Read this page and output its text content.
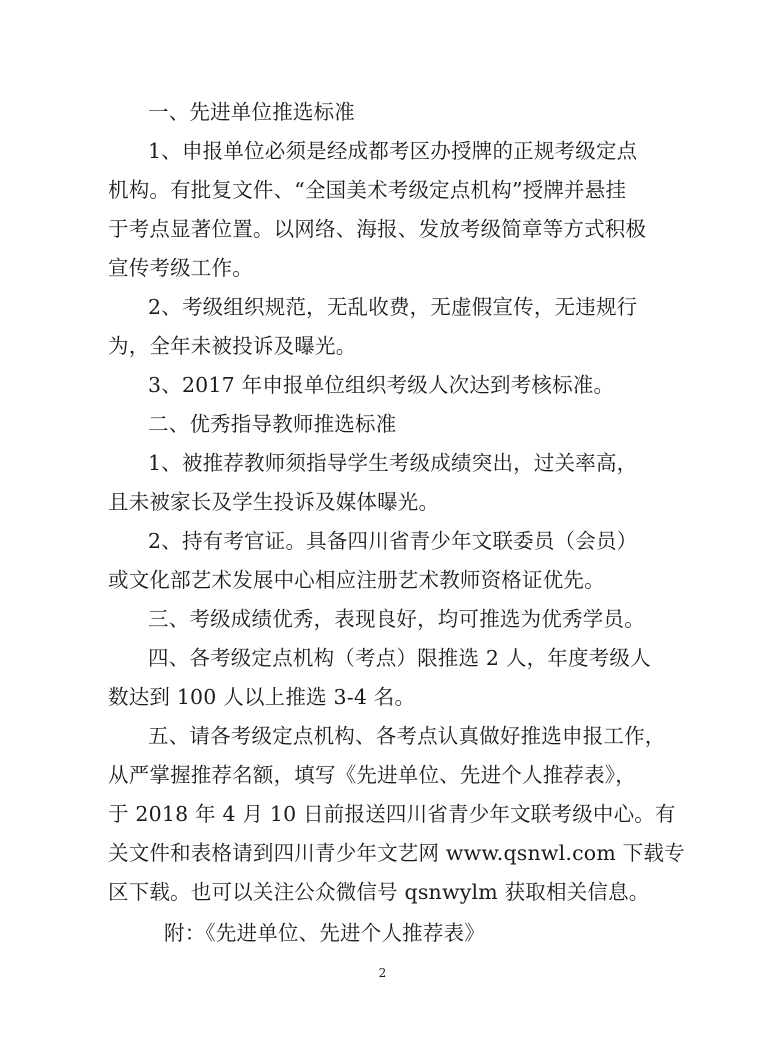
一、先进单位推选标准
1、申报单位必须是经成都考区办授牌的正规考级定点
机构。有批复文件、“全国美术考级定点机构”授牌并悬挂
于考点显著位置。以网络、海报、发放考级简章等方式积极
宣传考级工作。
2、考级组织规范，无乱收费，无虚假宣传，无违规行
为，全年未被投诉及曝光。
3、2017 年申报单位组织考级人次达到考核标准。
二、优秀指导教师推选标准
1、被推荐教师须指导学生考级成绩突出，过关率高，
且未被家长及学生投诉及媒体曝光。
2、持有考官证。具备四川省青少年文联委员（会员）
或文化部艺术发展中心相应注册艺术教师资格证优先。
三、考级成绩优秀，表现良好，均可推选为优秀学员。
四、各考级定点机构（考点）限推选 2 人，年度考级人
数达到 100 人以上推选 3-4 名。
五、请各考级定点机构、各考点认真做好推选申报工作，
从严掌握推荐名额，填写《先进单位、先进个人推荐表》，
于 2018 年 4 月 10 日前报送四川省青少年文联考级中心。有
关文件和表格请到四川青少年文艺网 www.qsnwl.com 下载专
区下载。也可以关注公众微信号 qsnwylm 获取相关信息。
附：《先进单位、先进个人推荐表》
2
